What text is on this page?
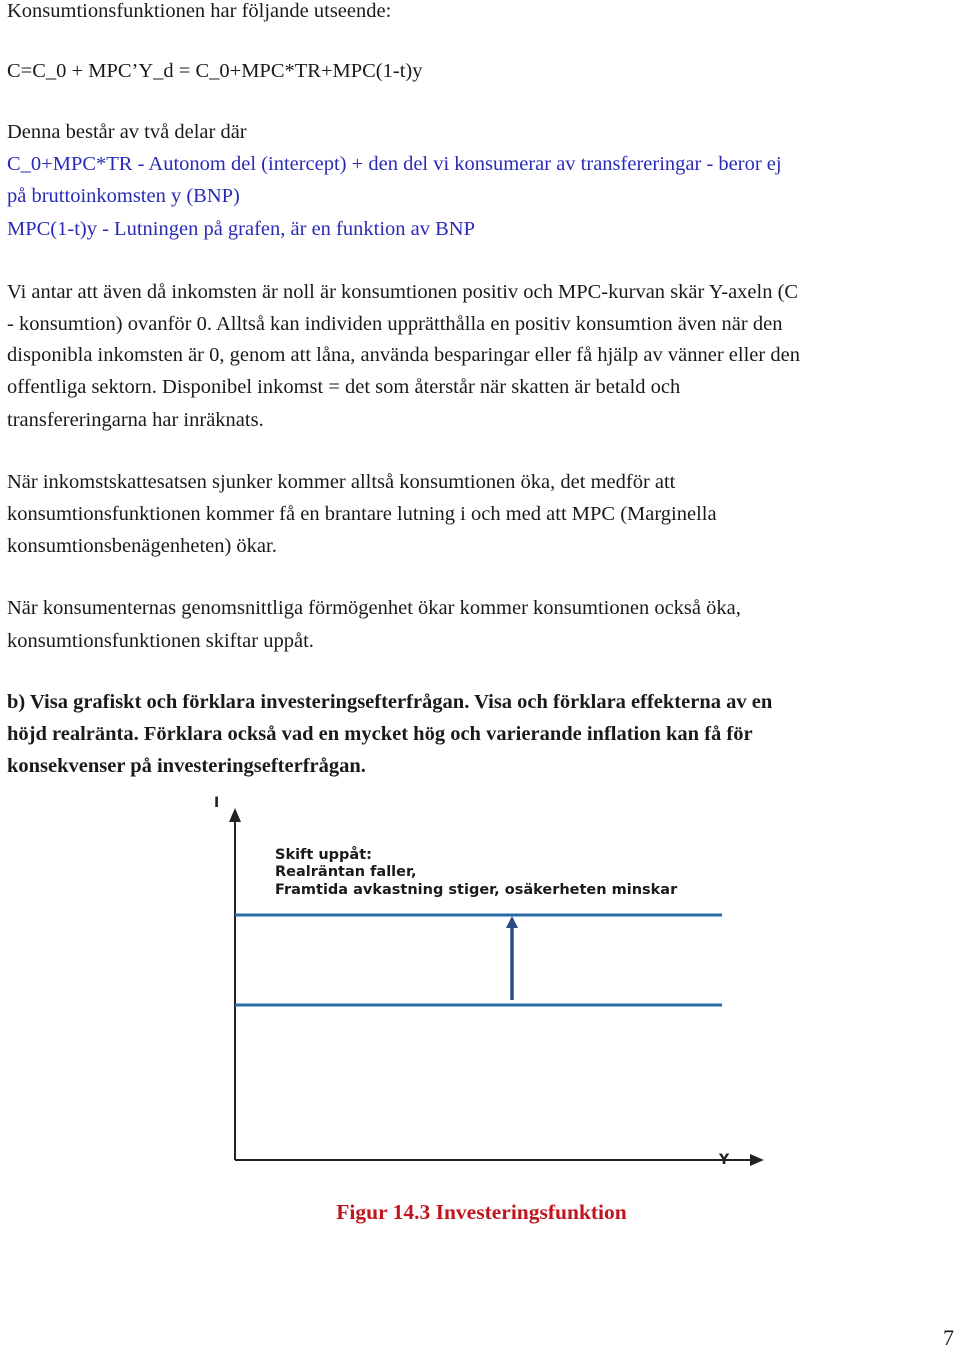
Konsumtionsfunktionen har följande utseende:

C=C_0 + MPC’Y_d = C_0+MPC*TR+MPC(1-t)y

Denna består av två delar där

C_0+MPC*TR - Autonom del (intercept) + den del vi konsumerar av transfereringar - beror ej

på bruttoinkomsten y (BNP)

MPC(1-t)y - Lutningen på grafen, är en funktion av BNP

Vi antar att även då inkomsten är noll är konsumtionen positiv och MPC-kurvan skär Y-axeln (C

- konsumtion) ovanför 0. Alltså kan individen upprätthålla en positiv konsumtion även när den

disponibla inkomsten är 0, genom att låna, använda besparingar eller få hjälp av vänner eller den

offentliga sektorn. Disponibel inkomst = det som återstår när skatten är betald och

transfereringarna har inräknats.

När inkomstskattesatsen sjunker kommer alltså konsumtionen öka, det medför att

konsumtionsfunktionen kommer få en brantare lutning i och med att MPC (Marginella

konsumtionsbenägenheten) ökar.

När konsumenternas genomsnittliga förmögenhet ökar kommer konsumtionen också öka,

konsumtionsfunktionen skiftar uppåt.

b) Visa grafiskt och förklara investeringsefterfrågan. Visa och förklara effekterna av en

höjd realränta. Förklara också vad en mycket hög och varierande inflation kan få för

konsekvenser på investeringsefterfrågan.

I
Y
Skift uppåt:
Realräntan faller,
Framtida avkastning stiger, osäkerheten minskar
Figur 14.3 Investeringsfunktion
7
